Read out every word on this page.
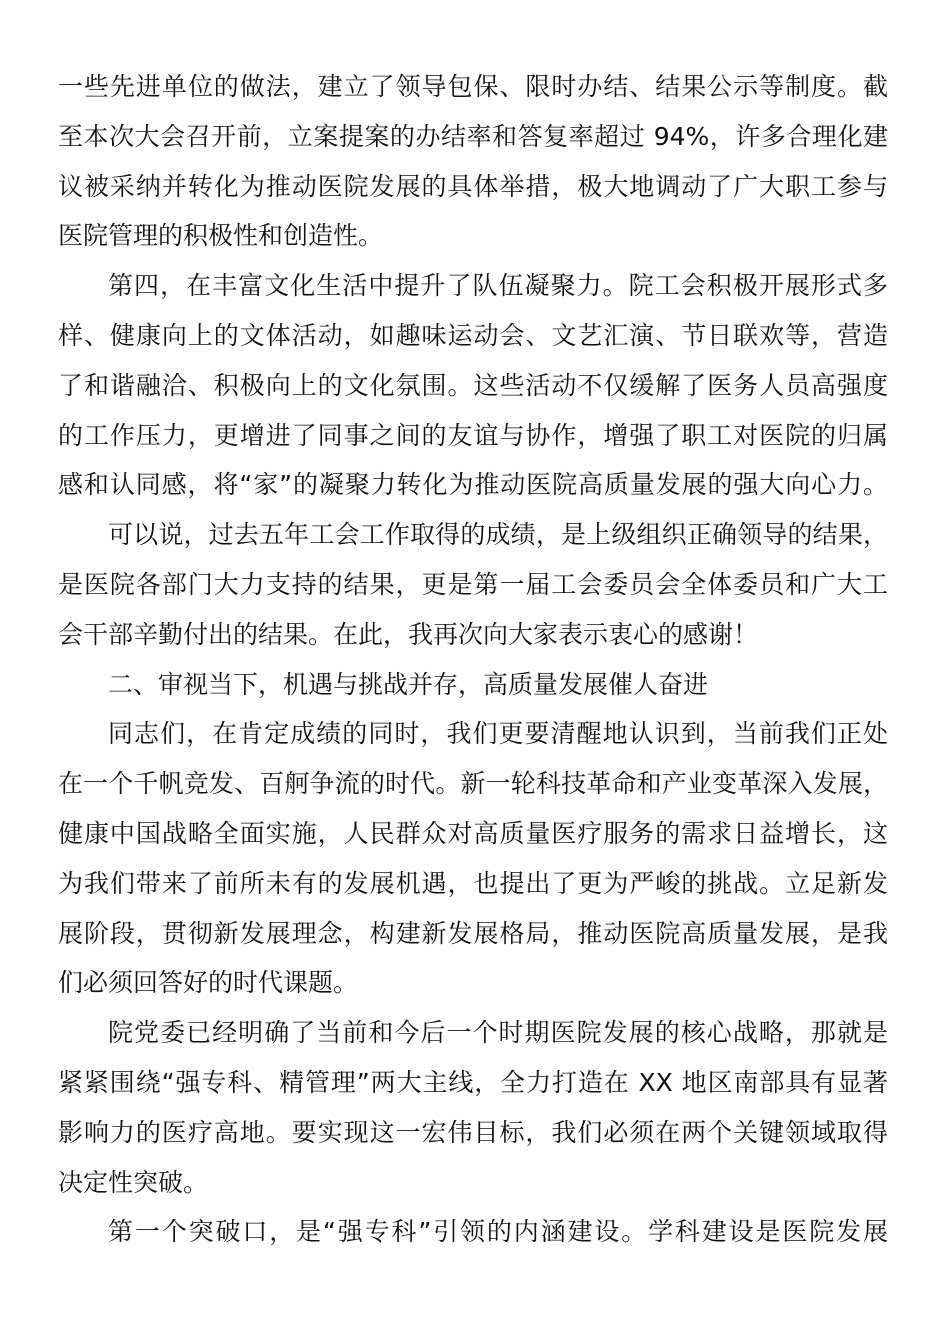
一些先进单位的做法，建立了领导包保、限时办结、结果公示等制度。截
至本次大会召开前，立案提案的办结率和答复率超过 94%，许多合理化建
议被采纳并转化为推动医院发展的具体举措，极大地调动了广大职工参与
医院管理的积极性和创造性。
第四，在丰富文化生活中提升了队伍凝聚力。院工会积极开展形式多
样、健康向上的文体活动，如趣味运动会、文艺汇演、节日联欢等，营造
了和谐融洽、积极向上的文化氛围。这些活动不仅缓解了医务人员高强度
的工作压力，更增进了同事之间的友谊与协作，增强了职工对医院的归属
感和认同感，将“家”的凝聚力转化为推动医院高质量发展的强大向心力。
可以说，过去五年工会工作取得的成绩，是上级组织正确领导的结果，
是医院各部门大力支持的结果，更是第一届工会委员会全体委员和广大工
会干部辛勤付出的结果。在此，我再次向大家表示衷心的感谢！
二、审视当下，机遇与挑战并存，高质量发展催人奋进
同志们，在肯定成绩的同时，我们更要清醒地认识到，当前我们正处
在一个千帆竞发、百舸争流的时代。新一轮科技革命和产业变革深入发展，
健康中国战略全面实施，人民群众对高质量医疗服务的需求日益增长，这
为我们带来了前所未有的发展机遇，也提出了更为严峻的挑战。立足新发
展阶段，贯彻新发展理念，构建新发展格局，推动医院高质量发展，是我
们必须回答好的时代课题。
院党委已经明确了当前和今后一个时期医院发展的核心战略，那就是
紧紧围绕“强专科、精管理”两大主线，全力打造在 XX 地区南部具有显著
影响力的医疗高地。要实现这一宏伟目标，我们必须在两个关键领域取得
决定性突破。
第一个突破口，是“强专科”引领的内涵建设。学科建设是医院发展
